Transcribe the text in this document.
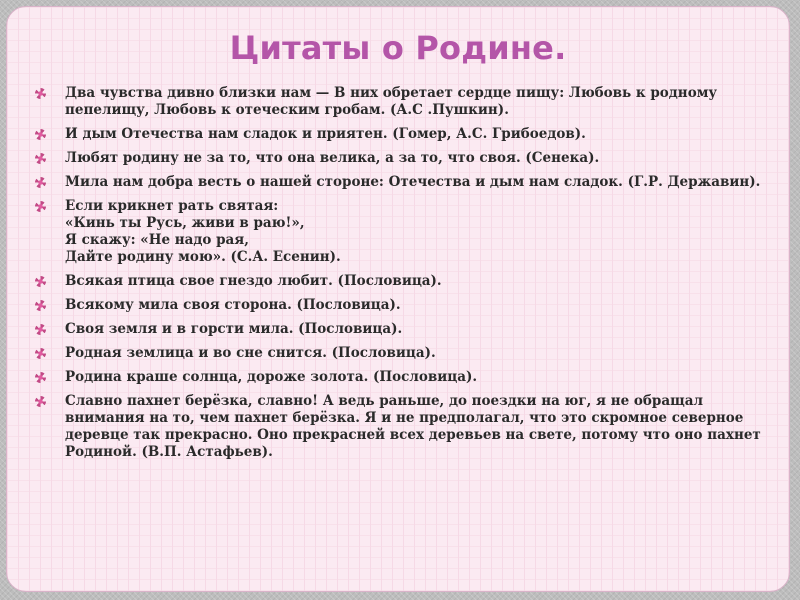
Цитаты о Родине.
Два чувства дивно близки нам — В них обретает сердце пищу: Любовь к родному пепелищу, Любовь к отеческим гробам. (А.С .Пушкин).
И дым Отечества нам сладок и приятен. (Гомер, А.С. Грибоедов).
Любят родину не за то, что она велика, а за то, что своя. (Сенека).
Мила нам добра весть о нашей стороне: Отечества и дым нам сладок. (Г.Р. Державин).
Если крикнет рать святая:
«Кинь ты Русь, живи в раю!»,
Я скажу: «Не надо рая,
Дайте родину мою». (С.А. Есенин).
Всякая птица свое гнездо любит. (Пословица).
Всякому мила своя сторона. (Пословица).
Своя земля и в горсти мила. (Пословица).
Родная землица и во сне снится. (Пословица).
Родина краше солнца, дороже золота. (Пословица).
Славно пахнет берёзка, славно! А ведь раньше, до поездки на юг, я не обращал внимания на то, чем пахнет берёзка. Я и не предполагал, что это скромное северное деревце так прекрасно. Оно прекрасней всех деревьев на свете, потому что оно пахнет Родиной. (В.П. Астафьев).
